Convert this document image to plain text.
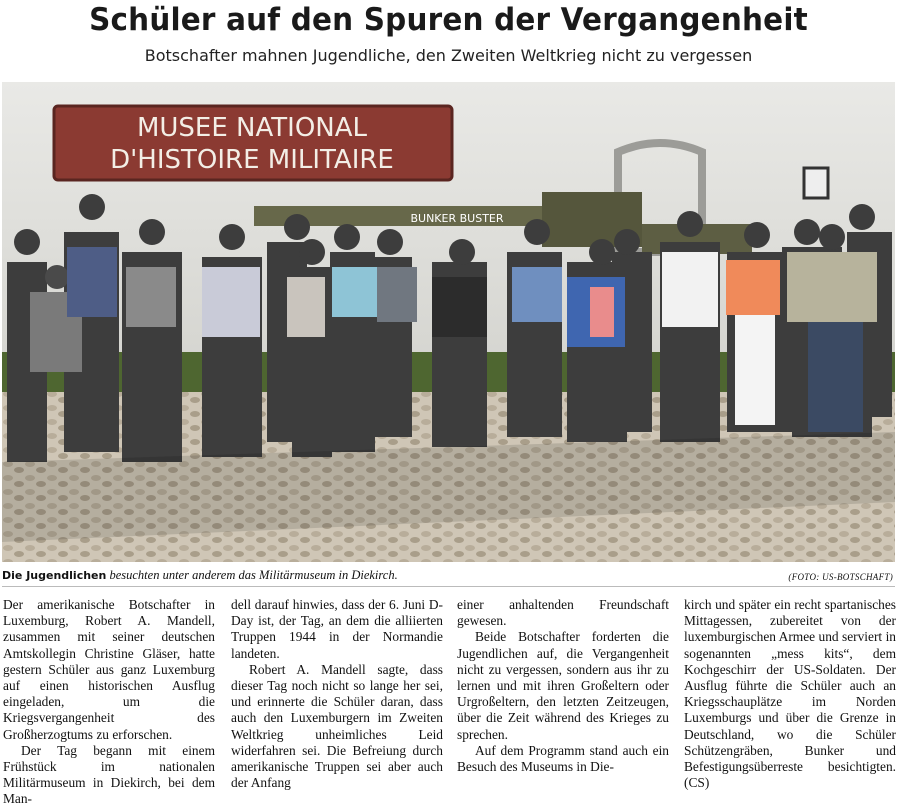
Schüler auf den Spuren der Vergangenheit
Botschafter mahnen Jugendliche, den Zweiten Weltkrieg nicht zu vergessen
MUSEE NATIONAL
D'HISTOIRE MILITAIRE
BUNKER BUSTER
Die Jugendlichen besuchten unter anderem das Militärmuseum in Diekirch.	(FOTO: US-BOTSCHAFT)

Der amerikanische Botschafter in Luxemburg, Robert A. Mandell, zusammen mit seiner deutschen Amtskollegin Christine Gläser, hatte gestern Schüler aus ganz Luxemburg auf einen historischen Ausflug eingeladen, um die Kriegsvergangenheit des Großherzogtums zu erforschen.

Der Tag begann mit einem Frühstück im nationalen Militärmuseum in Diekirch, bei dem Man-

dell darauf hinwies, dass der 6. Juni D-Day ist, der Tag, an dem die alliierten Truppen 1944 in der Normandie landeten.

Robert A. Mandell sagte, dass dieser Tag noch nicht so lange her sei, und erinnerte die Schüler daran, dass auch den Luxemburgern im Zweiten Weltkrieg unheimliches Leid widerfahren sei. Die Befreiung durch amerikanische Truppen sei aber auch der Anfang

einer anhaltenden Freundschaft gewesen.

Beide Botschafter forderten die Jugendlichen auf, die Vergangenheit nicht zu vergessen, sondern aus ihr zu lernen und mit ihren Großeltern oder Urgroßeltern, den letzten Zeitzeugen, über die Zeit während des Krieges zu sprechen.

Auf dem Programm stand auch ein Besuch des Museums in Die-

kirch und später ein recht spartanisches Mittagessen, zubereitet von der luxemburgischen Armee und serviert in sogenannten „mess kits“, dem Kochgeschirr der US-Soldaten. Der Ausflug führte die Schüler auch an Kriegsschauplätze im Norden Luxemburgs und über die Grenze in Deutschland, wo die Schüler Schützengräben, Bunker und Befestigungsüberreste besichtigten. (CS)
